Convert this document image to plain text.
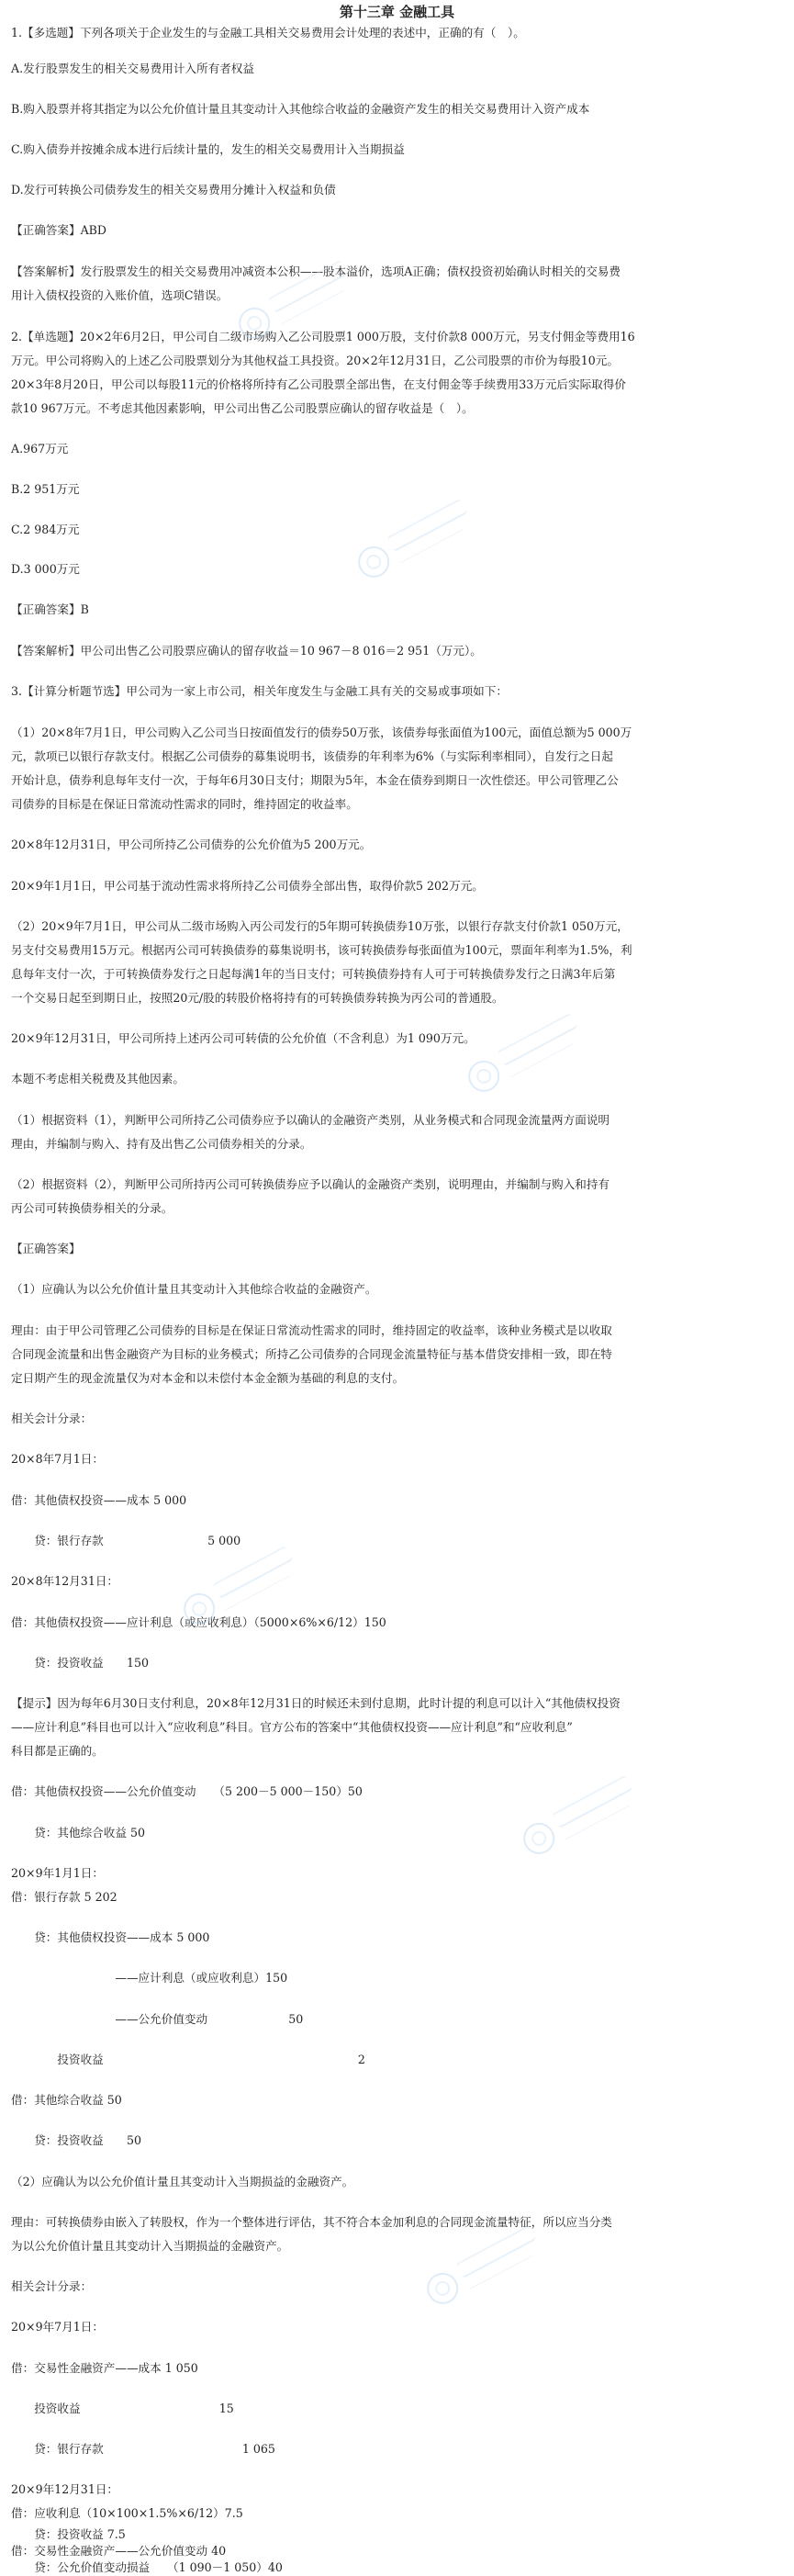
第十三章 金融工具
1.【多选题】下列各项关于企业发生的与金融工具相关交易费用会计处理的表述中，正确的有（　）。
A.发行股票发生的相关交易费用计入所有者权益
B.购入股票并将其指定为以公允价值计量且其变动计入其他综合收益的金融资产发生的相关交易费用计入资产成本
C.购入债券并按摊余成本进行后续计量的，发生的相关交易费用计入当期损益
D.发行可转换公司债券发生的相关交易费用分摊计入权益和负债
【正确答案】ABD
【答案解析】发行股票发生的相关交易费用冲减资本公积——股本溢价，选项A正确；债权投资初始确认时相关的交易费
用计入债权投资的入账价值，选项C错误。
2.【单选题】20×2年6月2日，甲公司自二级市场购入乙公司股票1 000万股，支付价款8 000万元，另支付佣金等费用16
万元。甲公司将购入的上述乙公司股票划分为其他权益工具投资。20×2年12月31日，乙公司股票的市价为每股10元。
20×3年8月20日，甲公司以每股11元的价格将所持有乙公司股票全部出售，在支付佣金等手续费用33万元后实际取得价
款10 967万元。不考虑其他因素影响，甲公司出售乙公司股票应确认的留存收益是（　）。
A.967万元
B.2 951万元
C.2 984万元
D.3 000万元
【正确答案】B
【答案解析】甲公司出售乙公司股票应确认的留存收益＝10 967－8 016＝2 951（万元）。
3.【计算分析题节选】甲公司为一家上市公司，相关年度发生与金融工具有关的交易或事项如下：
（1）20×8年7月1日，甲公司购入乙公司当日按面值发行的债券50万张，该债券每张面值为100元，面值总额为5 000万
元，款项已以银行存款支付。根据乙公司债券的募集说明书，该债券的年利率为6%（与实际利率相同），自发行之日起
开始计息，债券利息每年支付一次，于每年6月30日支付；期限为5年，本金在债券到期日一次性偿还。甲公司管理乙公
司债券的目标是在保证日常流动性需求的同时，维持固定的收益率。
20×8年12月31日，甲公司所持乙公司债券的公允价值为5 200万元。
20×9年1月1日，甲公司基于流动性需求将所持乙公司债券全部出售，取得价款5 202万元。
（2）20×9年7月1日，甲公司从二级市场购入丙公司发行的5年期可转换债券10万张，以银行存款支付价款1 050万元，
另支付交易费用15万元。根据丙公司可转换债券的募集说明书，该可转换债券每张面值为100元，票面年利率为1.5%，利
息每年支付一次，于可转换债券发行之日起每满1年的当日支付；可转换债券持有人可于可转换债券发行之日满3年后第
一个交易日起至到期日止，按照20元/股的转股价格将持有的可转换债券转换为丙公司的普通股。
20×9年12月31日，甲公司所持上述丙公司可转债的公允价值（不含利息）为1 090万元。
本题不考虑相关税费及其他因素。
（1）根据资料（1），判断甲公司所持乙公司债券应予以确认的金融资产类别，从业务模式和合同现金流量两方面说明
理由，并编制与购入、持有及出售乙公司债券相关的分录。
（2）根据资料（2），判断甲公司所持丙公司可转换债券应予以确认的金融资产类别，说明理由，并编制与购入和持有
丙公司可转换债券相关的分录。
【正确答案】
（1）应确认为以公允价值计量且其变动计入其他综合收益的金融资产。
理由：由于甲公司管理乙公司债券的目标是在保证日常流动性需求的同时，维持固定的收益率，该种业务模式是以收取
合同现金流量和出售金融资产为目标的业务模式；所持乙公司债券的合同现金流量特征与基本借贷安排相一致，即在特
定日期产生的现金流量仅为对本金和以未偿付本金金额为基础的利息的支付。
相关会计分录：
20×8年7月1日：
借：其他债权投资——成本 5 000
　　贷：银行存款　　　　　　　　　5 000
20×8年12月31日：
借：其他债权投资——应计利息（或应收利息）（5000×6%×6/12）150
　　贷：投资收益　　150
【提示】因为每年6月30日支付利息，20×8年12月31日的时候还未到付息期，此时计提的利息可以计入“其他债权投资
——应计利息”科目也可以计入“应收利息”科目。官方公布的答案中“其他债权投资——应计利息”和“应收利息”
科目都是正确的。
借：其他债权投资——公允价值变动　　（5 200－5 000－150）50
　　贷：其他综合收益 50
20×9年1月1日：
借：银行存款 5 202
　　贷：其他债权投资——成本 5 000
　　　　　　　　　——应计利息（或应收利息）150
　　　　　　　　　——公允价值变动　　　　　　　50
　　　　投资收益　　　　　　　　　　　　　　　　　　　　　　2
借：其他综合收益 50
　　贷：投资收益　　50
（2）应确认为以公允价值计量且其变动计入当期损益的金融资产。
理由：可转换债券由嵌入了转股权，作为一个整体进行评估，其不符合本金加利息的合同现金流量特征，所以应当分类
为以公允价值计量且其变动计入当期损益的金融资产。
相关会计分录：
20×9年7月1日：
借：交易性金融资产——成本 1 050
　　投资收益　　　　　　　　　　　　15
　　贷：银行存款　　　　　　　　　　　　1 065
20×9年12月31日：
借：应收利息（10×100×1.5%×6/12）7.5
　　贷：投资收益 7.5
借：交易性金融资产——公允价值变动 40
　　贷：公允价值变动损益　　（1 090－1 050）40
